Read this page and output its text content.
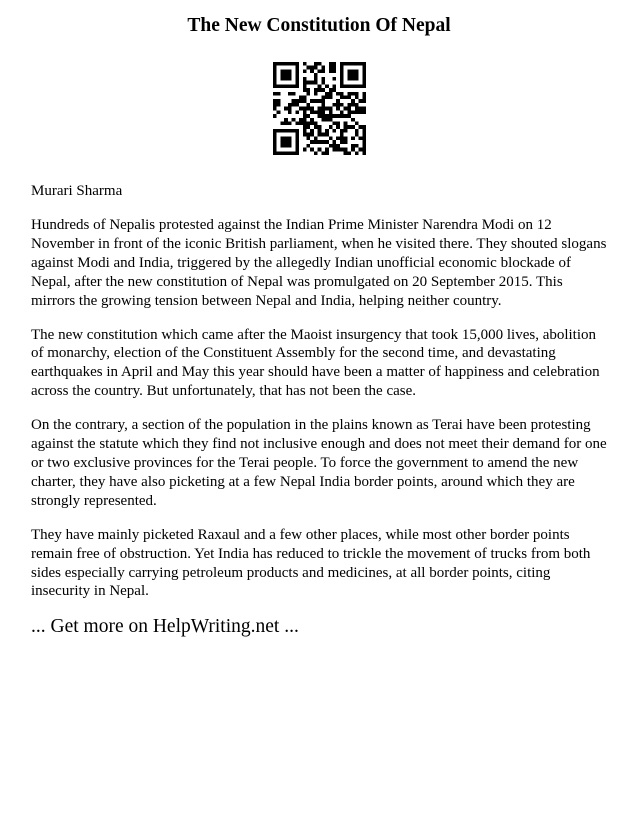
The New Constitution Of Nepal

Murari Sharma

Hundreds of Nepalis protested against the Indian Prime Minister Narendra Modi on 12 November in front of the iconic British parliament, when he visited there. They shouted slogans against Modi and India, triggered by the allegedly Indian unofficial economic blockade of Nepal, after the new constitution of Nepal was promulgated on 20 September 2015. This mirrors the growing tension between Nepal and India, helping neither country.

The new constitution which came after the Maoist insurgency that took 15,000 lives, abolition of monarchy, election of the Constituent Assembly for the second time, and devastating earthquakes in April and May this year should have been a matter of happiness and celebration across the country. But unfortunately, that has not been the case.

On the contrary, a section of the population in the plains known as Terai have been protesting against the statute which they find not inclusive enough and does not meet their demand for one or two exclusive provinces for the Terai people. To force the government to amend the new charter, they have also picketing at a few Nepal India border points, around which they are strongly represented.

They have mainly picketed Raxaul and a few other places, while most other border points remain free of obstruction. Yet India has reduced to trickle the movement of trucks from both sides especially carrying petroleum products and medicines, at all border points, citing insecurity in Nepal.

... Get more on HelpWriting.net ...
